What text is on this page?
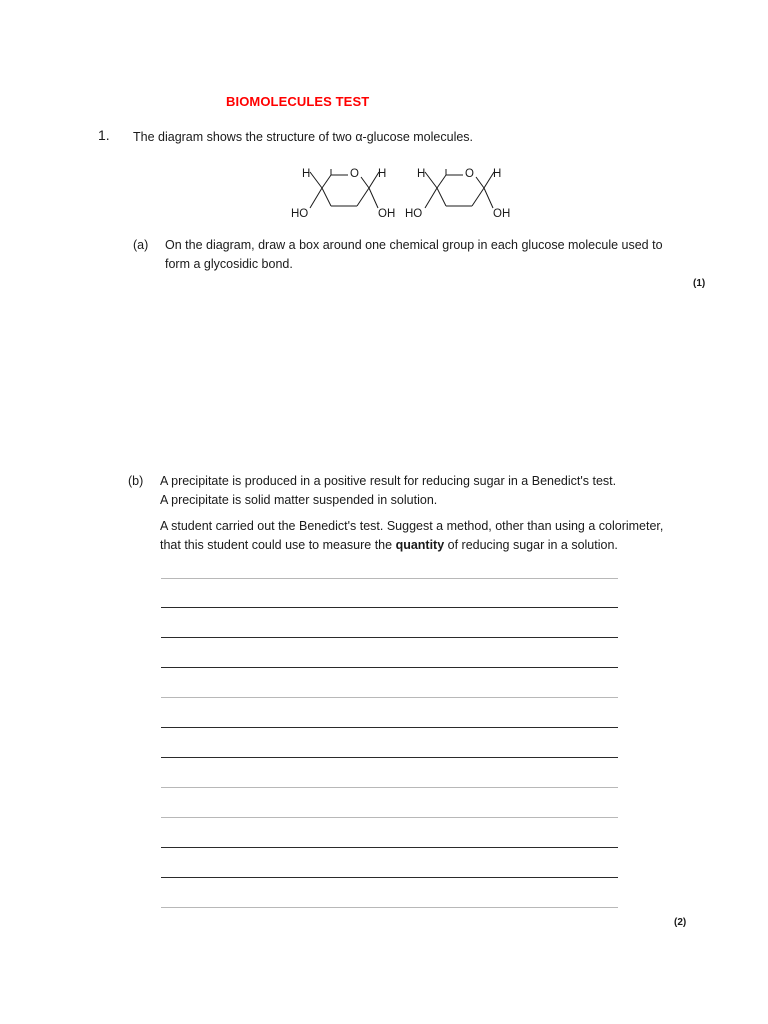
BIOMOLECULES TEST
1. The diagram shows the structure of two α-glucose molecules.
H	O H
HO	OH
H	O H
HO	OH
(a) On the diagram, draw a box around one chemical group in each glucose molecule used to
form a glycosidic bond.
(1)
(b) A precipitate is produced in a positive result for reducing sugar in a Benedict's test.
A precipitate is solid matter suspended in solution.
A student carried out the Benedict's test. Suggest a method, other than using a colorimeter,
that this student could use to measure the quantity of reducing sugar in a solution.
(2)
